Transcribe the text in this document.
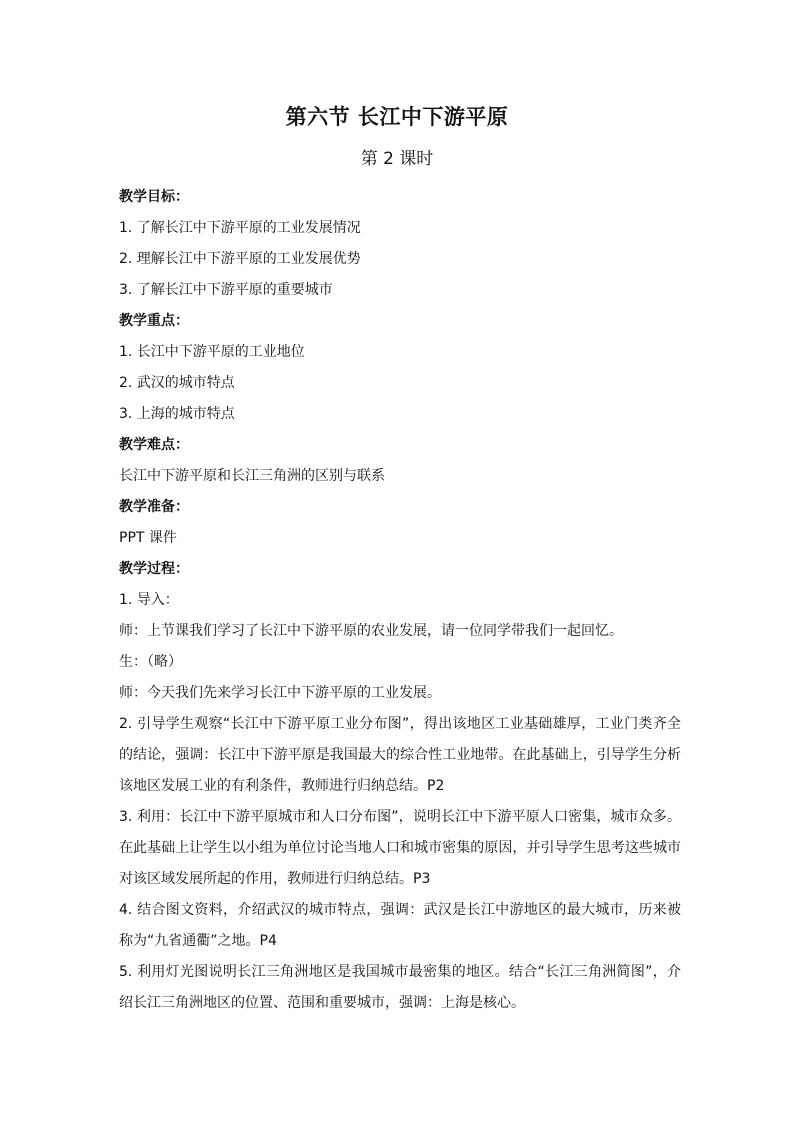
第六节 长江中下游平原
第 2 课时
教学目标：
1. 了解长江中下游平原的工业发展情况
2. 理解长江中下游平原的工业发展优势
3. 了解长江中下游平原的重要城市
教学重点：
1. 长江中下游平原的工业地位
2. 武汉的城市特点
3. 上海的城市特点
教学难点：
长江中下游平原和长江三角洲的区别与联系
教学准备：
PPT 课件
教学过程：
1. 导入：
师：上节课我们学习了长江中下游平原的农业发展，请一位同学带我们一起回忆。
生：（略）
师：今天我们先来学习长江中下游平原的工业发展。
2. 引导学生观察“长江中下游平原工业分布图”，得出该地区工业基础雄厚，工业门类齐全的结论，强调：长江中下游平原是我国最大的综合性工业地带。在此基础上，引导学生分析该地区发展工业的有利条件，教师进行归纳总结。P2
3. 利用：长江中下游平原城市和人口分布图”，说明长江中下游平原人口密集，城市众多。在此基础上让学生以小组为单位讨论当地人口和城市密集的原因，并引导学生思考这些城市对该区域发展所起的作用，教师进行归纳总结。P3
4. 结合图文资料，介绍武汉的城市特点，强调：武汉是长江中游地区的最大城市，历来被称为“九省通衢”之地。P4
5. 利用灯光图说明长江三角洲地区是我国城市最密集的地区。结合“长江三角洲简图”，介绍长江三角洲地区的位置、范围和重要城市，强调：上海是核心。
